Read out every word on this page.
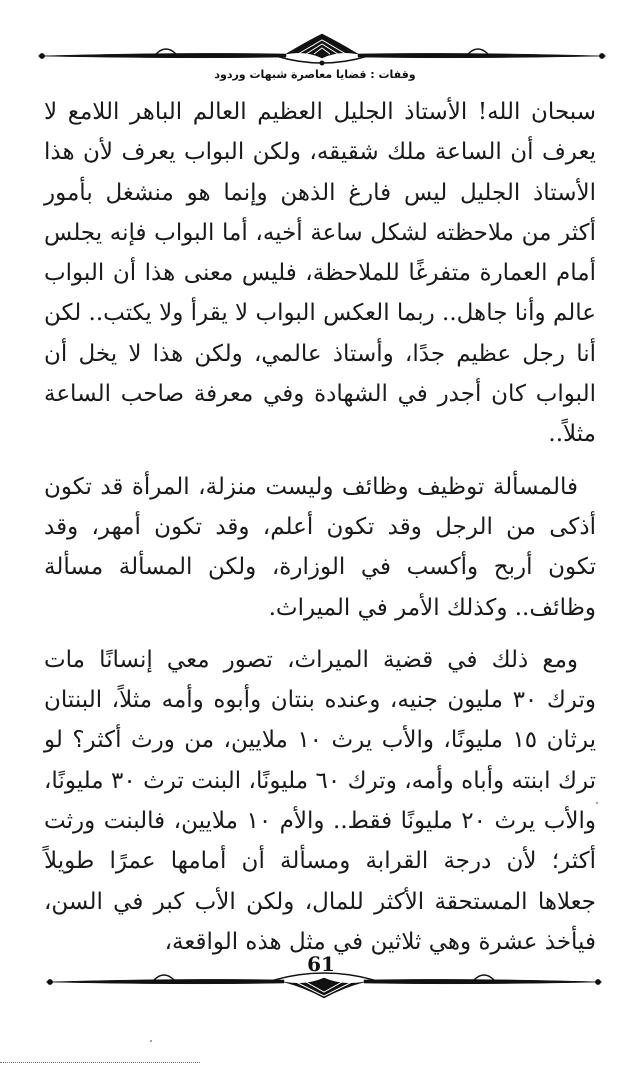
وقفات : قضايا معاصرة شبهات وردود

سبحان الله! الأستاذ الجليل العظيم العالم الباهر اللامع لا يعرف أن الساعة ملك شقيقه، ولكن البواب يعرف لأن هذا الأستاذ الجليل ليس فارغ الذهن وإنما هو منشغل بأمور أكثر من ملاحظته لشكل ساعة أخيه، أما البواب فإنه يجلس أمام العمارة متفرغًا للملاحظة، فليس معنى هذا أن البواب عالم وأنا جاهل.. ربما العكس البواب لا يقرأ ولا يكتب.. لكن أنا رجل عظيم جدًا، وأستاذ عالمي، ولكن هذا لا يخل أن البواب كان أجدر في الشهادة وفي معرفة صاحب الساعة مثلاً..

فالمسألة توظيف وظائف وليست منزلة، المرأة قد تكون أذكى من الرجل وقد تكون أعلم، وقد تكون أمهر، وقد تكون أربح وأكسب في الوزارة، ولكن المسألة مسألة وظائف.. وكذلك الأمر في الميراث.

ومع ذلك في قضية الميراث، تصور معي إنسانًا مات وترك ٣٠ مليون جنيه، وعنده بنتان وأبوه وأمه مثلاً، البنتان يرثان ١٥ مليونًا، والأب يرث ١٠ ملايين، من ورث أكثر؟ لو ترك ابنته وأباه وأمه، وترك ٦٠ مليونًا، البنت ترث ٣٠ مليونًا، والأب يرث ٢٠ مليونًا فقط.. والأم ١٠ ملايين، فالبنت ورثت أكثر؛ لأن درجة القرابة ومسألة أن أمامها عمرًا طويلاً جعلاها المستحقة الأكثر للمال، ولكن الأب كبر في السن، فيأخذ عشرة وهي ثلاثين في مثل هذه الواقعة،

61
